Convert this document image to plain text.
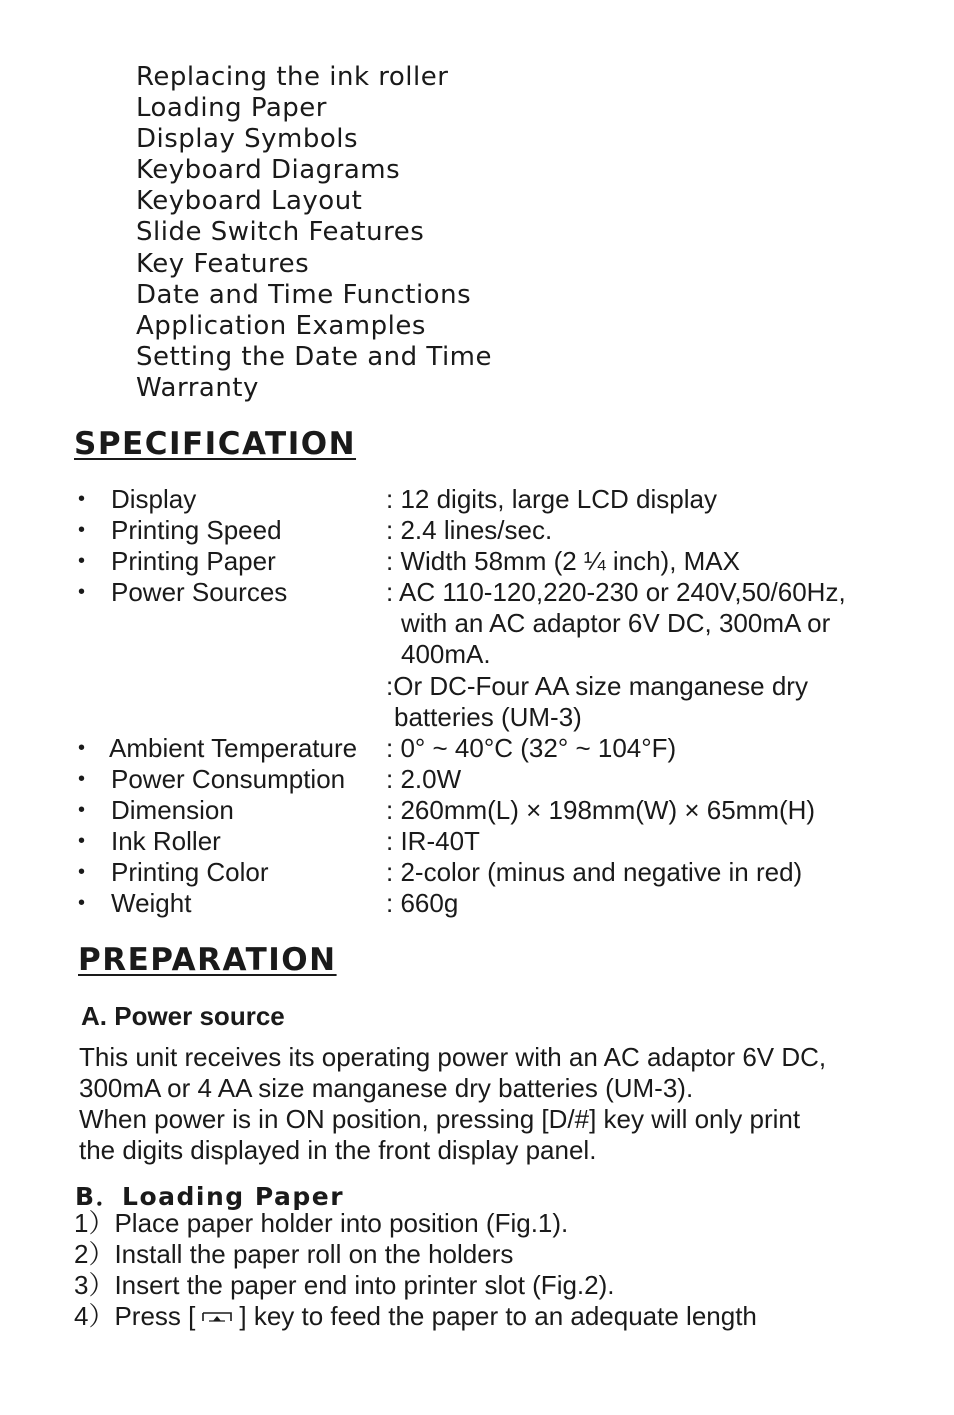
Replacing the ink roller
Loading Paper
Display Symbols
Keyboard Diagrams
Keyboard Layout
Slide Switch Features
Key Features
Date and Time Functions
Application Examples
Setting the Date and Time
Warranty
SPECIFICATION
• Display	: 12 digits, large LCD display
• Printing Speed	: 2.4 lines/sec.
• Printing Paper	: Width 58mm (2 ¼ inch), MAX
• Power Sources	: AC 110-120,220-230 or 240V,50/60Hz,
with an AC adaptor 6V DC, 300mA or
400mA.
:Or DC-Four AA size manganese dry
batteries (UM-3)
• Ambient Temperature : 0° ~ 40°C (32° ~ 104°F)
• Power Consumption : 2.0W
• Dimension	: 260mm(L) × 198mm(W) × 65mm(H)
• Ink Roller	: IR-40T
• Printing Color	: 2-color (minus and negative in red)
• Weight	: 660g
PREPARATION
A. Power source
This unit receives its operating power with an AC adaptor 6V DC,
300mA or 4 AA size manganese dry batteries (UM-3).
When power is in ON position, pressing [D/#] key will only print
the digits displayed in the front display panel.
B．Loading Paper
1）Place paper holder into position (Fig.1).
2）Install the paper roll on the holders
3）Insert the paper end into printer slot (Fig.2).
4）Press [ ] key to feed the paper to an adequate length
